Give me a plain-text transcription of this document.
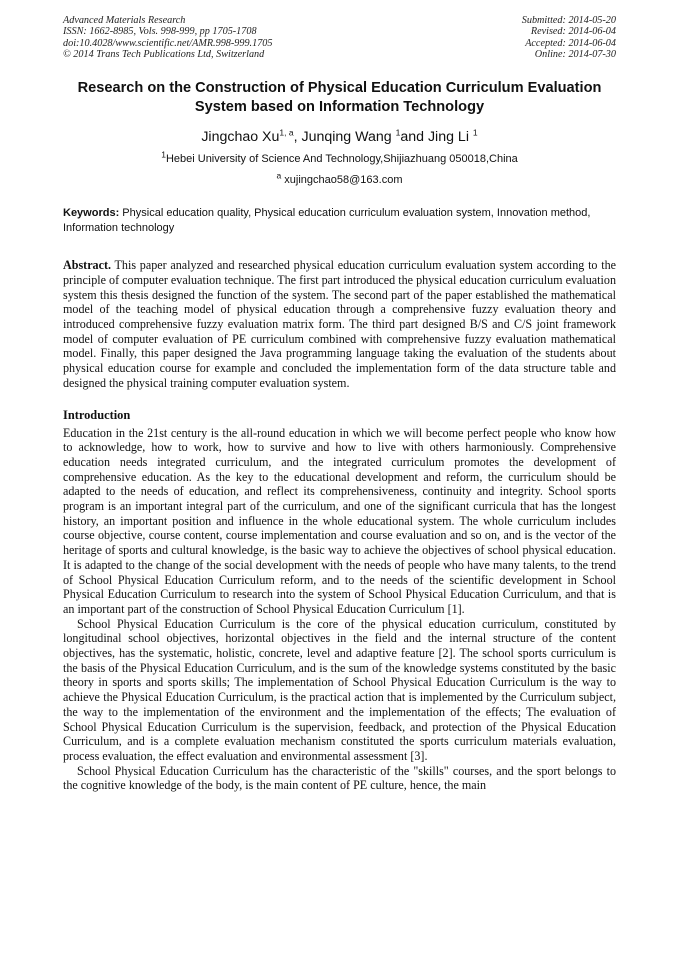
Advanced Materials Research
ISSN: 1662-8985, Vols. 998-999, pp 1705-1708
doi:10.4028/www.scientific.net/AMR.998-999.1705
© 2014 Trans Tech Publications Ltd, Switzerland
Submitted: 2014-05-20
Revised: 2014-06-04
Accepted: 2014-06-04
Online: 2014-07-30
Research on the Construction of Physical Education Curriculum Evaluation System based on Information Technology
Jingchao Xu$^{1, a}$, Junqing Wang $^1$and Jing Li $^1$
$^1$Hebei University of Science And Technology,Shijiazhuang 050018,China
$^a$ xujingchao58@163.com
Keywords: Physical education quality, Physical education curriculum evaluation system, Innovation method, Information technology
Abstract. This paper analyzed and researched physical education curriculum evaluation system according to the principle of computer evaluation technique. The first part introduced the physical education curriculum evaluation system this thesis designed the function of the system. The second part of the paper established the mathematical model of the teaching model of physical education through a comprehensive fuzzy evaluation theory and introduced comprehensive fuzzy evaluation matrix form. The third part designed B/S and C/S joint framework model of computer evaluation of PE curriculum combined with comprehensive fuzzy evaluation mathematical model. Finally, this paper designed the Java programming language taking the evaluation of the students about physical education course for example and concluded the implementation form of the data structure table and designed the physical training computer evaluation system.
Introduction

Education in the 21st century is the all-round education in which we will become perfect people who know how to acknowledge, how to work, how to survive and how to live with others harmoniously. Comprehensive education needs integrated curriculum, and the integrated curriculum promotes the development of comprehensive education. As the key to the educational development and reform, the curriculum should be adapted to the needs of education, and reflect its comprehensiveness, continuity and integrity. School sports program is an important integral part of the curriculum, and one of the significant curricula that has the longest history, an important position and influence in the whole educational system. The whole curriculum includes course objective, course content, course implementation and course evaluation and so on, and is the vector of the heritage of sports and cultural knowledge, is the basic way to achieve the objectives of school physical education. It is adapted to the change of the social development with the needs of people who have many talents, to the trend of School Physical Education Curriculum reform, and to the needs of the scientific development in School Physical Education Curriculum to research into the system of School Physical Education Curriculum, and that is an important part of the construction of School Physical Education Curriculum [1].

School Physical Education Curriculum is the core of the physical education curriculum, constituted by longitudinal school objectives, horizontal objectives in the field and the internal structure of the content objectives, has the systematic, holistic, concrete, level and adaptive feature [2]. The school sports curriculum is the basis of the Physical Education Curriculum, and is the sum of the knowledge systems constituted by the basic theory in sports and sports skills; The implementation of School Physical Education Curriculum is the way to achieve the Physical Education Curriculum, is the practical action that is implemented by the Curriculum subject, the way to the implementation of the environment and the implementation of the effects; The evaluation of School Physical Education Curriculum is the supervision, feedback, and protection of the Physical Education Curriculum, and is a complete evaluation mechanism constituted the sports curriculum materials evaluation, process evaluation, the effect evaluation and environmental assessment [3].

School Physical Education Curriculum has the characteristic of the "skills" courses, and the sport belongs to the cognitive knowledge of the body, is the main content of PE culture, hence, the main
